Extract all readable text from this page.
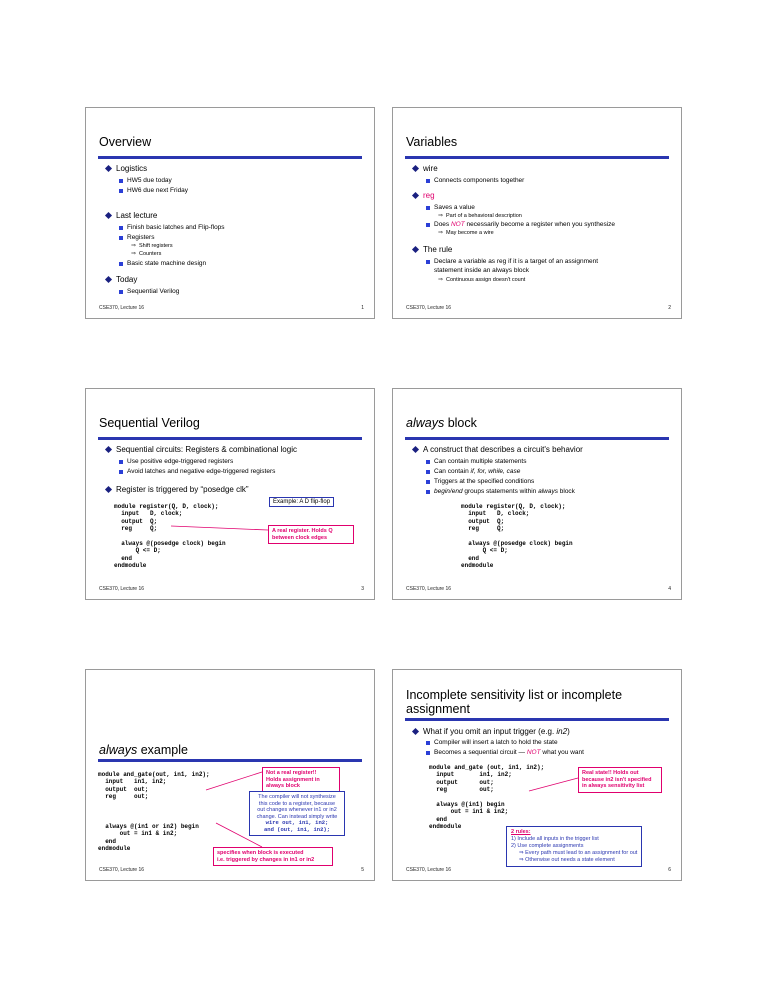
Overview
Logistics
HW5 due today
HW6 due next Friday
Last lecture
Finish basic latches and Flip-flops
Registers
⇒ Shift registers
⇒ Counters
Basic state machine design
Today
Sequential Verilog
CSE370, Lecture 16	1
Variables
wire
Connects components together
reg
Saves a value
⇒ Part of a behavioral description
Does NOT necessarily become a register when you synthesize
⇒ May become a wire
The rule
Declare a variable as reg if it is a target of an assignment
statement inside an always block
⇒ Continuous assign doesn't count
CSE370, Lecture 16	2
Sequential Verilog
Sequential circuits: Registers & combinational logic
Use positive edge-triggered registers
Avoid latches and negative edge-triggered registers
Register is triggered by “posedge clk”
module register(Q, D, clock);
input   D, clock;
output  Q;
reg     Q;

always @(posedge clock) begin
Q <= D;
end
endmodule
Example: A D flip-flop
A real register. Holds Q between clock edges
CSE370, Lecture 16	3
always block
A construct that describes a circuit's behavior
Can contain multiple statements
Can contain if, for, while, case
Triggers at the specified conditions
begin/end groups statements within always block
module register(Q, D, clock);
input   D, clock;
output  Q;
reg     Q;

always @(posedge clock) begin
Q <= D;
end
endmodule
CSE370, Lecture 16	4
always example
module and_gate(out, in1, in2);
input   in1, in2;
output  out;
reg     out;

always @(in1 or in2) begin
out = in1 & in2;
end
endmodule
Not a real register!!
Holds assignment in
always block
The compiler will not synthesize
this code to a register, because
out changes whenever in1 or in2
change. Can instead simply write
wire out, in1, in2;
and (out, in1, in2);
specifies when block is executed
i.e. triggered by changes in in1 or in2
CSE370, Lecture 16	5
Incomplete sensitivity list or incomplete
assignment
What if you omit an input trigger (e.g. in2)
Compiler will insert a latch to hold the state
Becomes a sequential circuit — NOT what you want
module and_gate (out, in1, in2);
input       in1, in2;
output      out;
reg         out;

always @(in1) begin
out = in1 & in2;
end
endmodule
Real state!! Holds out
because in2 isn't specified
in always sensitivity list
2 rules:
1) Include all inputs in the trigger list
2) Use complete assignments
⇒ Every path must lead to an assignment for out
⇒ Otherwise out needs a state element
CSE370, Lecture 16	6
